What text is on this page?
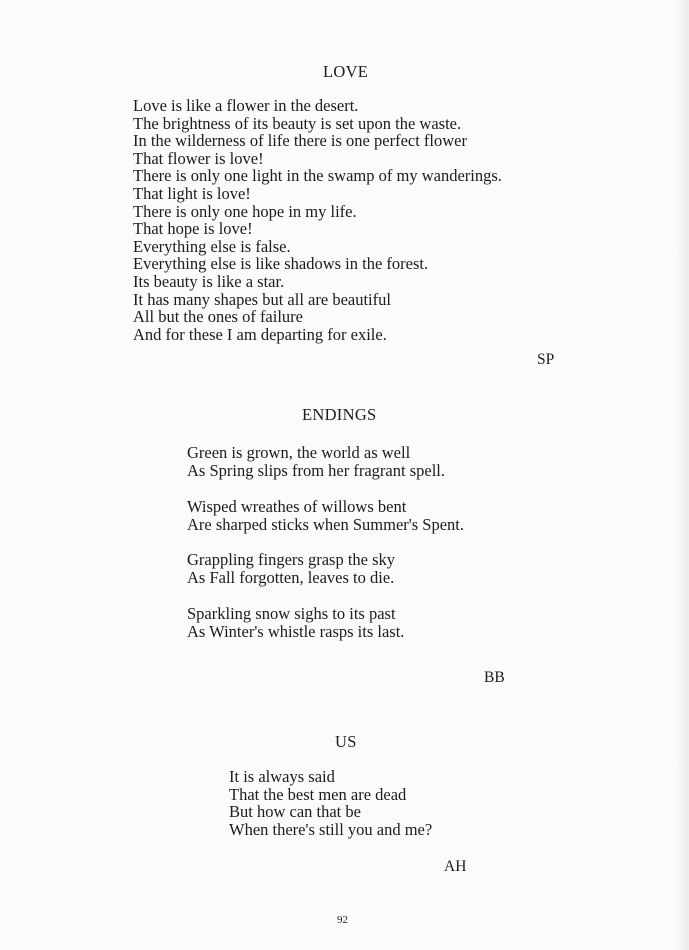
LOVE
Love is like a flower in the desert.
The brightness of its beauty is set upon the waste.
In the wilderness of life there is one perfect flower
That flower is love!
There is only one light in the swamp of my wanderings.
That light is love!
There is only one hope in my life.
That hope is love!
Everything else is false.
Everything else is like shadows in the forest.
Its beauty is like a star.
It has many shapes but all are beautiful
All but the ones of failure
And for these I am departing for exile.
SP
ENDINGS
Green is grown, the world as well
As Spring slips from her fragrant spell.
Wisped wreathes of willows bent
Are sharped sticks when Summer's Spent.
Grappling fingers grasp the sky
As Fall forgotten, leaves to die.
Sparkling snow sighs to its past
As Winter's whistle rasps its last.
BB
US
It is always said
That the best men are dead
But how can that be
When there's still you and me?
AH
92
